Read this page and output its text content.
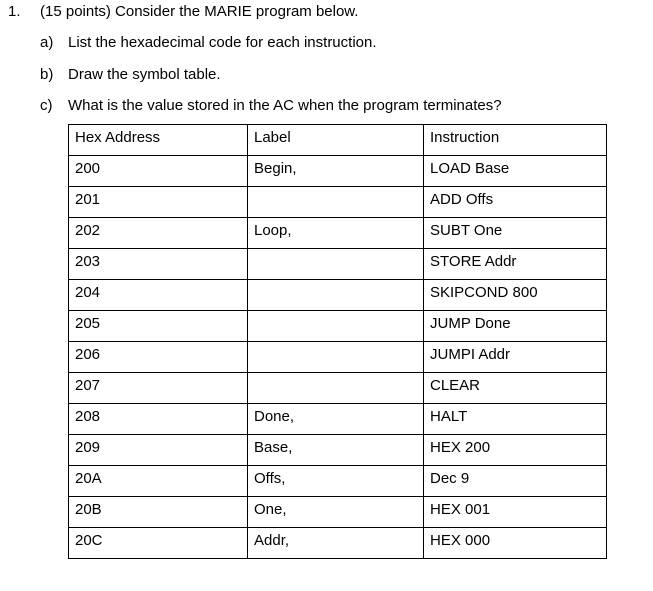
1. (15 points) Consider the MARIE program below.
a) List the hexadecimal code for each instruction.
b) Draw the symbol table.
c) What is the value stored in the AC when the program terminates?
Hex Address	Label	Instruction

200	Begin,	LOAD Base

201		ADD Offs

202	Loop,	SUBT One

203		STORE Addr

204		SKIPCOND 800

205		JUMP Done

206		JUMPI Addr

207		CLEAR

208	Done,	HALT

209	Base,	HEX 200

20A	Offs,	Dec 9

20B	One,	HEX 001

20C	Addr,	HEX 000
